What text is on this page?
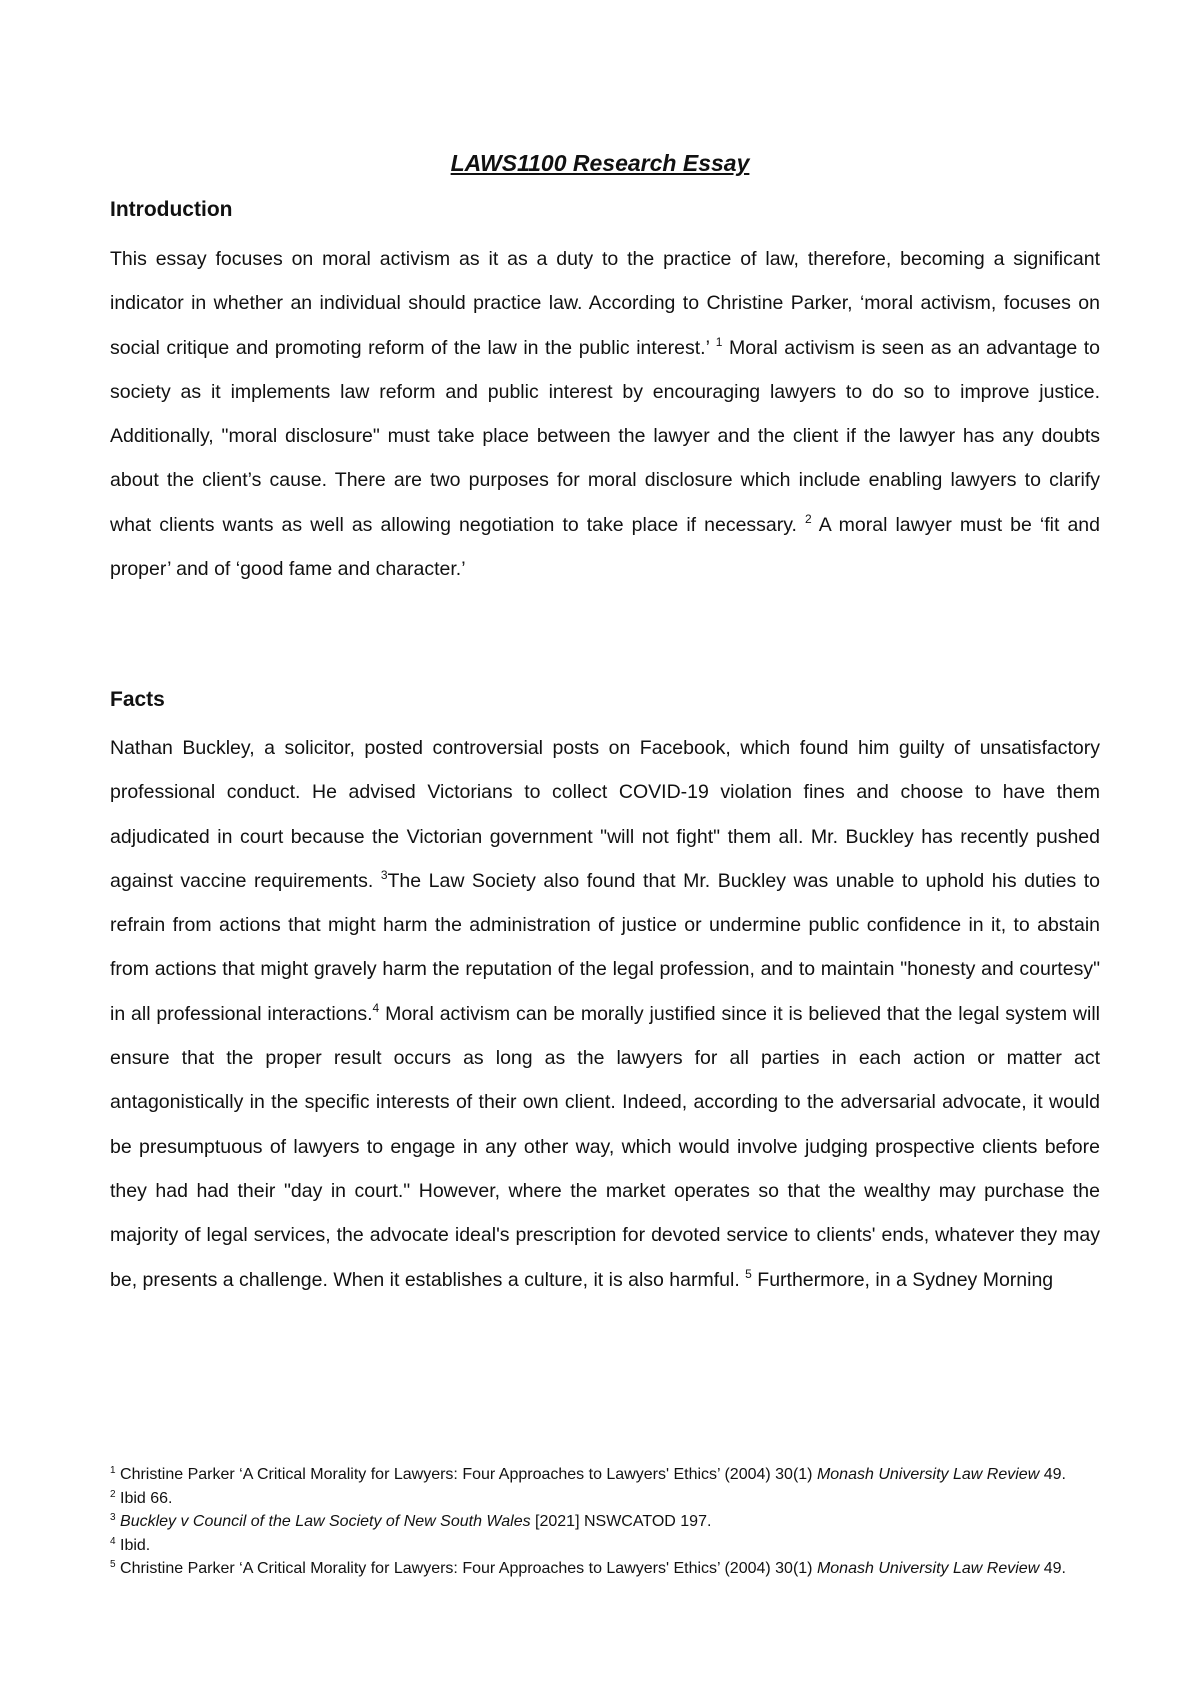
LAWS1100 Research Essay
Introduction

This essay focuses on moral activism as it as a duty to the practice of law, therefore, becoming a significant indicator in whether an individual should practice law. According to Christine Parker, ‘moral activism, focuses on social critique and promoting reform of the law in the public interest.’ $^1$ Moral activism is seen as an advantage to society as it implements law reform and public interest by encouraging lawyers to do so to improve justice. Additionally, "moral disclosure" must take place between the lawyer and the client if the lawyer has any doubts about the client’s cause. There are two purposes for moral disclosure which include enabling lawyers to clarify what clients wants as well as allowing negotiation to take place if necessary. $^2$ A moral lawyer must be ‘fit and proper’ and of ‘good fame and character.’

Facts

Nathan Buckley, a solicitor, posted controversial posts on Facebook, which found him guilty of unsatisfactory professional conduct. He advised Victorians to collect COVID-19 violation fines and choose to have them adjudicated in court because the Victorian government "will not fight" them all. Mr. Buckley has recently pushed against vaccine requirements. $^3$The Law Society also found that Mr. Buckley was unable to uphold his duties to refrain from actions that might harm the administration of justice or undermine public confidence in it, to abstain from actions that might gravely harm the reputation of the legal profession, and to maintain "honesty and courtesy" in all professional interactions.$^4$ Moral activism can be morally justified since it is believed that the legal system will ensure that the proper result occurs as long as the lawyers for all parties in each action or matter act antagonistically in the specific interests of their own client. Indeed, according to the adversarial advocate, it would be presumptuous of lawyers to engage in any other way, which would involve judging prospective clients before they had had their "day in court." However, where the market operates so that the wealthy may purchase the majority of legal services, the advocate ideal's prescription for devoted service to clients' ends, whatever they may be, presents a challenge. When it establishes a culture, it is also harmful. $^5$ Furthermore, in a Sydney Morning

$^1$ Christine Parker ‘A Critical Morality for Lawyers: Four Approaches to Lawyers' Ethics’ (2004) 30(1) Monash University Law Review 49.
$^2$ Ibid 66.
$^3$ Buckley v Council of the Law Society of New South Wales [2021] NSWCATOD 197.
$^4$ Ibid.
$^5$ Christine Parker ‘A Critical Morality for Lawyers: Four Approaches to Lawyers' Ethics’ (2004) 30(1) Monash University Law Review 49.
